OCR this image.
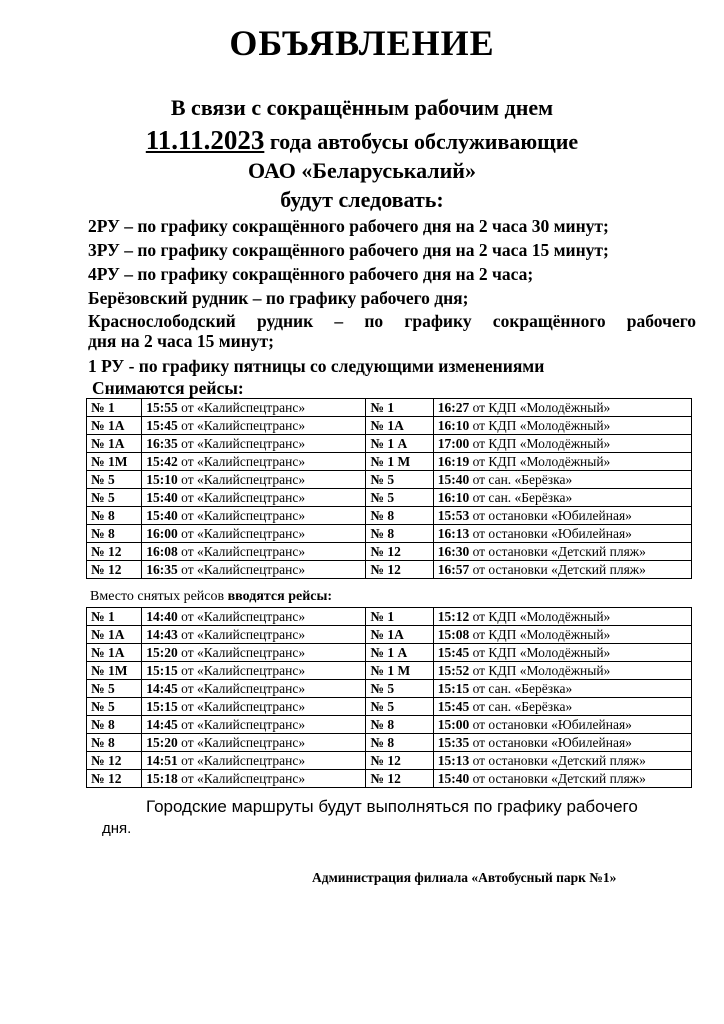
ОБЪЯВЛЕНИЕ
В связи с сокращённым рабочим днем
11.11.2023 года автобусы обслуживающие
ОАО «Беларуськалий»
будут следовать:
2РУ – по графику сокращённого рабочего дня на 2 часа 30 минут;
3РУ – по графику сокращённого рабочего дня на 2 часа 15 минут;
4РУ – по графику сокращённого рабочего дня на 2 часа;
Берёзовский рудник – по графику рабочего дня;
Краснослободский рудник – по графику сокращённого рабочего
дня на 2 часа 15 минут;
1 РУ - по графику пятницы со следующими изменениями
Снимаются рейсы:
№ 1	15:55 от «Калийспецтранс»	№ 1	16:27 от КДП «Молодёжный»
№ 1А	15:45 от «Калийспецтранс»	№ 1А	16:10 от КДП «Молодёжный»
№ 1А	16:35 от «Калийспецтранс»	№ 1 А	17:00 от КДП «Молодёжный»
№ 1М	15:42 от «Калийспецтранс»	№ 1 М	16:19 от КДП «Молодёжный»
№ 5	15:10 от «Калийспецтранс»	№ 5	15:40 от сан. «Берёзка»
№ 5	15:40 от «Калийспецтранс»	№ 5	16:10 от сан. «Берёзка»
№ 8	15:40 от «Калийспецтранс»	№ 8	15:53 от остановки «Юбилейная»
№ 8	16:00 от «Калийспецтранс»	№ 8	16:13 от остановки «Юбилейная»
№ 12	16:08 от «Калийспецтранс»	№ 12	16:30 от остановки «Детский пляж»
№ 12	16:35 от «Калийспецтранс»	№ 12	16:57 от остановки «Детский пляж»
Вместо снятых рейсов вводятся рейсы:
№ 1	14:40 от «Калийспецтранс»	№ 1	15:12 от КДП «Молодёжный»
№ 1А	14:43 от «Калийспецтранс»	№ 1А	15:08 от КДП «Молодёжный»
№ 1А	15:20 от «Калийспецтранс»	№ 1 А	15:45 от КДП «Молодёжный»
№ 1М	15:15 от «Калийспецтранс»	№ 1 М	15:52 от КДП «Молодёжный»
№ 5	14:45 от «Калийспецтранс»	№ 5	15:15 от сан. «Берёзка»
№ 5	15:15 от «Калийспецтранс»	№ 5	15:45 от сан. «Берёзка»
№ 8	14:45 от «Калийспецтранс»	№ 8	15:00 от остановки «Юбилейная»
№ 8	15:20 от «Калийспецтранс»	№ 8	15:35 от остановки «Юбилейная»
№ 12	14:51 от «Калийспецтранс»	№ 12	15:13 от остановки «Детский пляж»
№ 12	15:18 от «Калийспецтранс»	№ 12	15:40 от остановки «Детский пляж»
Городские маршруты будут выполняться по графику рабочего
дня.
Администрация филиала «Автобусный парк №1»
